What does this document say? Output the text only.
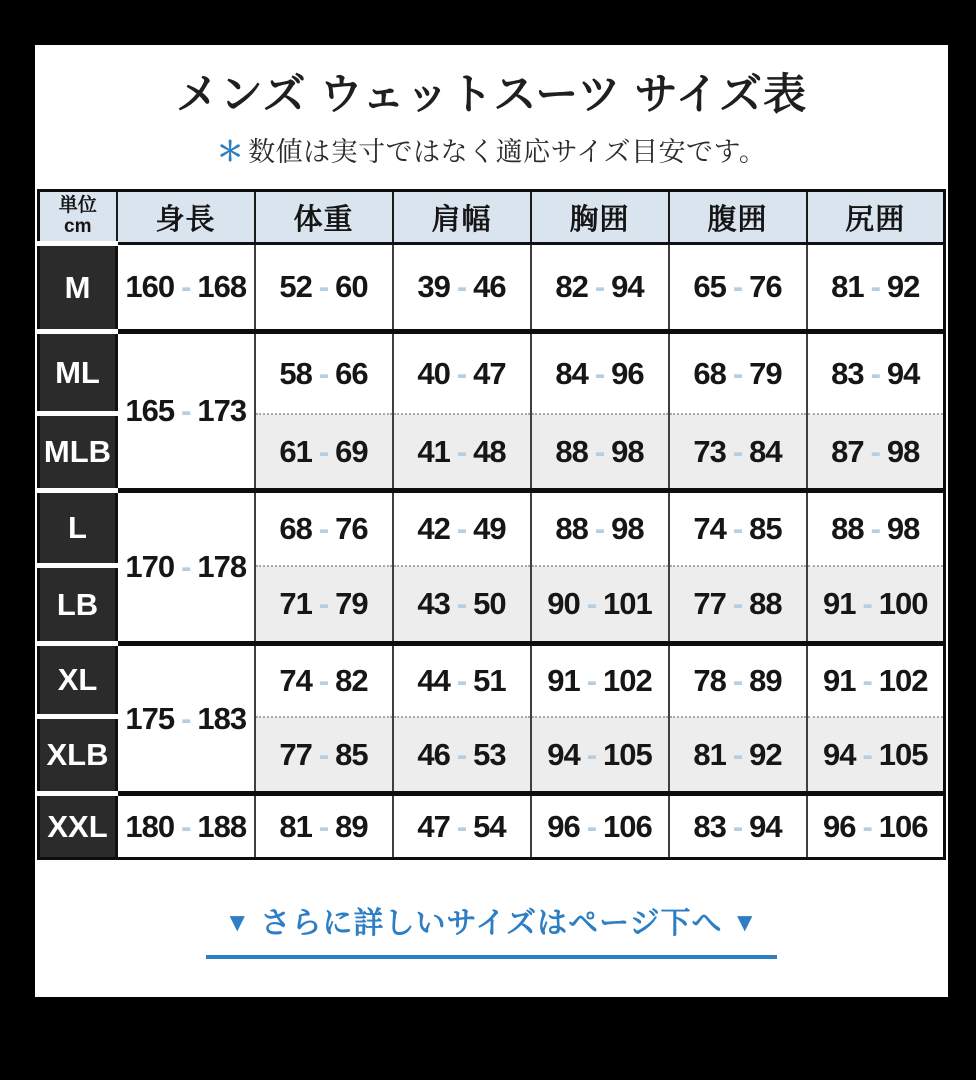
メンズ ウェットスーツ サイズ表
＊ 数値は実寸ではなく適応サイズ目安です。
単位
cm	身長	体重	肩幅	胸囲	腹囲	尻囲
M	160 - 168	52 - 60	39 - 46	82 - 94	65 - 76	81 - 92
ML	165 - 173	58 - 66	40 - 47	84 - 96	68 - 79	83 - 94
MLB		61 - 69	41 - 48	88 - 98	73 - 84	87 - 98
L	170 - 178	68 - 76	42 - 49	88 - 98	74 - 85	88 - 98
LB		71 - 79	43 - 50	90 - 101	77 - 88	91 - 100
XL	175 - 183	74 - 82	44 - 51	91 - 102	78 - 89	91 - 102
XLB		77 - 85	46 - 53	94 - 105	81 - 92	94 - 105
XXL	180 - 188	81 - 89	47 - 54	96 - 106	83 - 94	96 - 106
▼ さらに詳しいサイズはページ下へ ▼
